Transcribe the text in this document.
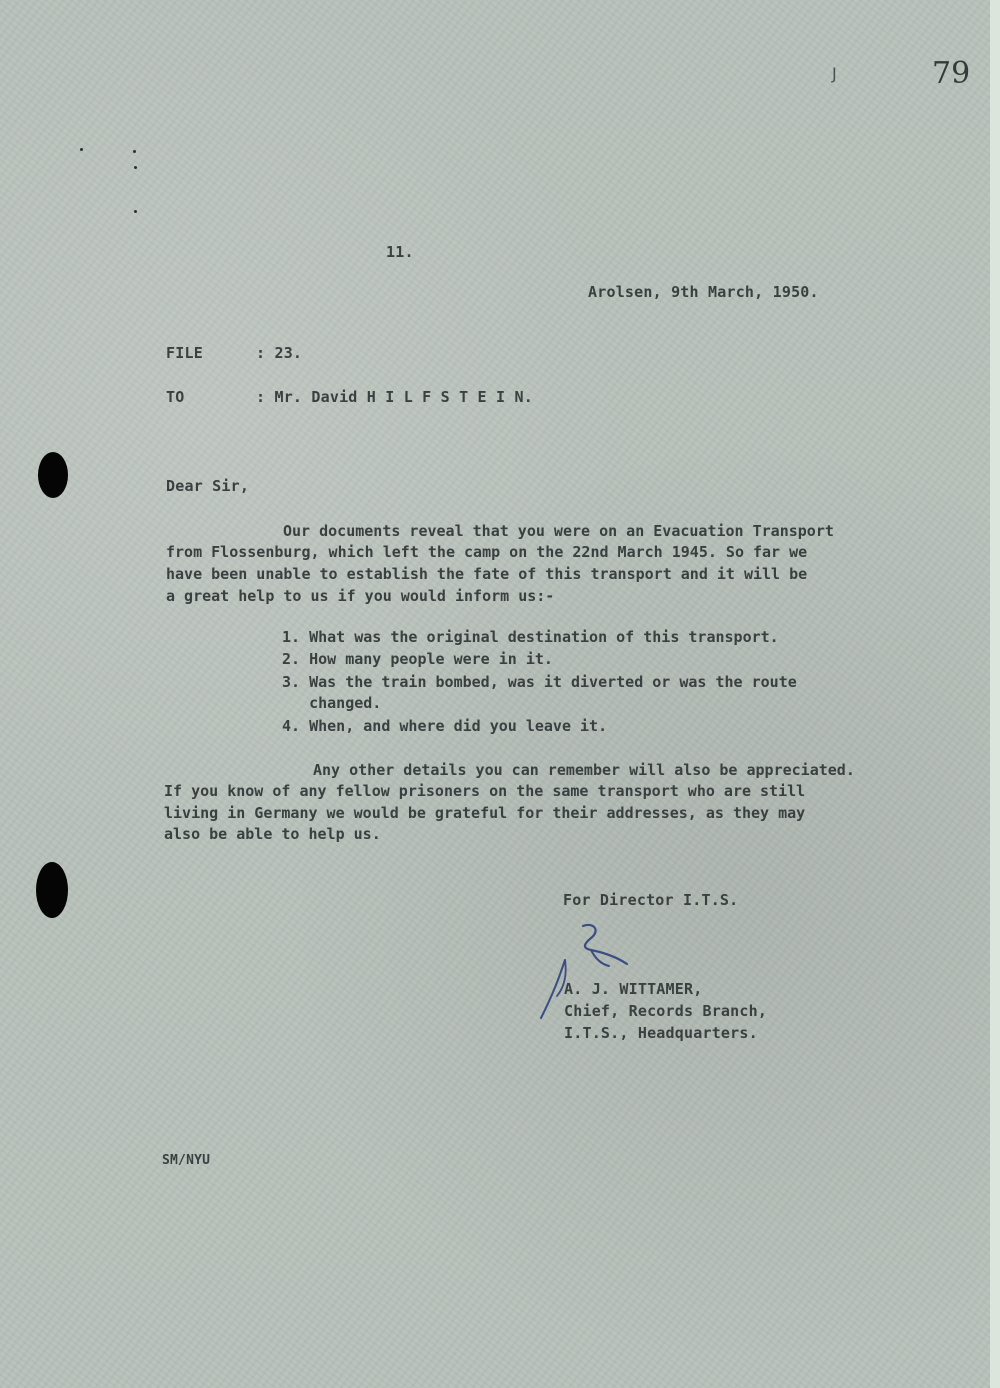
J	79
11.
Arolsen, 9th March, 1950.
FILE	: 23.
TO	: Mr. David H I L F S T E I N.
Dear Sir,
Our documents reveal that you were on an Evacuation Transport
from Flossenburg, which left the camp on the 22nd March 1945. So far we
have been unable to establish the fate of this transport and it will be
a great help to us if you would inform us:-
1. What was the original destination of this transport.
2. How many people were in it.
3. Was the train bombed, was it diverted or was the route
changed.
4. When, and where did you leave it.
Any other details you can remember will also be appreciated.
If you know of any fellow prisoners on the same transport who are still
living in Germany we would be grateful for their addresses, as they may
also be able to help us.
For Director I.T.S.
A. J. WITTAMER,
Chief, Records Branch,
I.T.S., Headquarters.
SM/NYU
